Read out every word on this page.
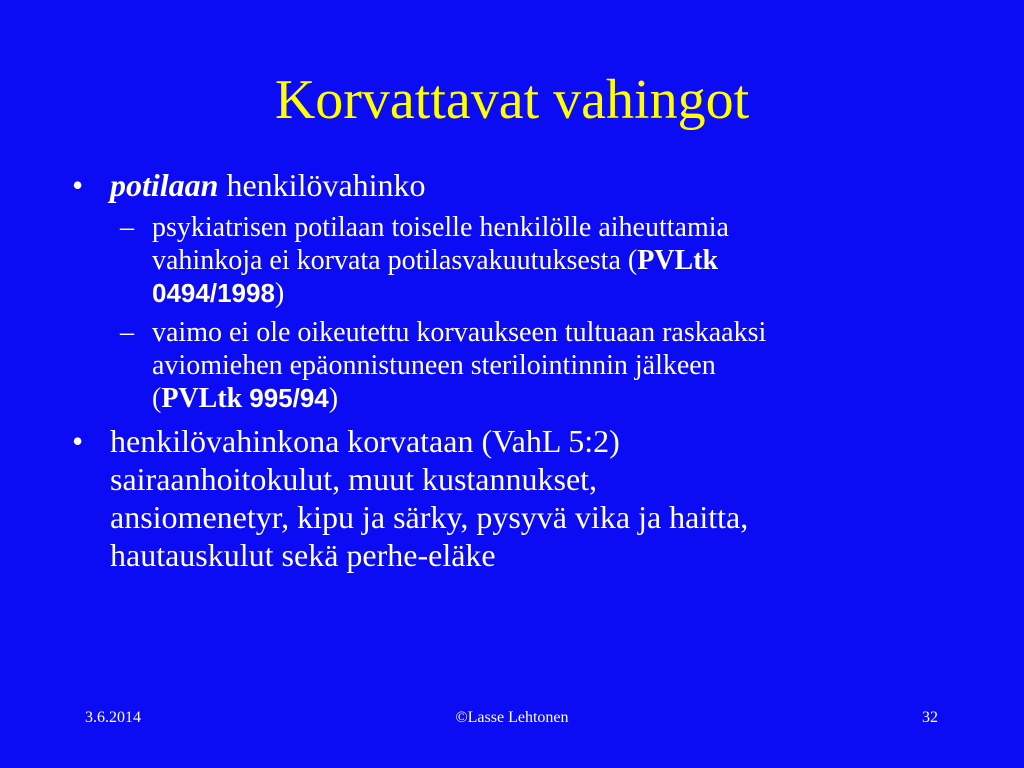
Korvattavat vahingot
• potilaan henkilövahinko
– psykiatrisen potilaan toiselle henkilölle aiheuttamia
vahinkoja ei korvata potilasvakuutuksesta (PVLtk
0494/1998)
– vaimo ei ole oikeutettu korvaukseen tultuaan raskaaksi
aviomiehen epäonnistuneen sterilointinnin jälkeen
(PVLtk 995/94)
• henkilövahinkona korvataan (VahL 5:2)
sairaanhoitokulut, muut kustannukset,
ansiomenetyr, kipu ja särky, pysyvä vika ja haitta,
hautauskulut sekä perhe-eläke
3.6.2014	©Lasse Lehtonen	32
